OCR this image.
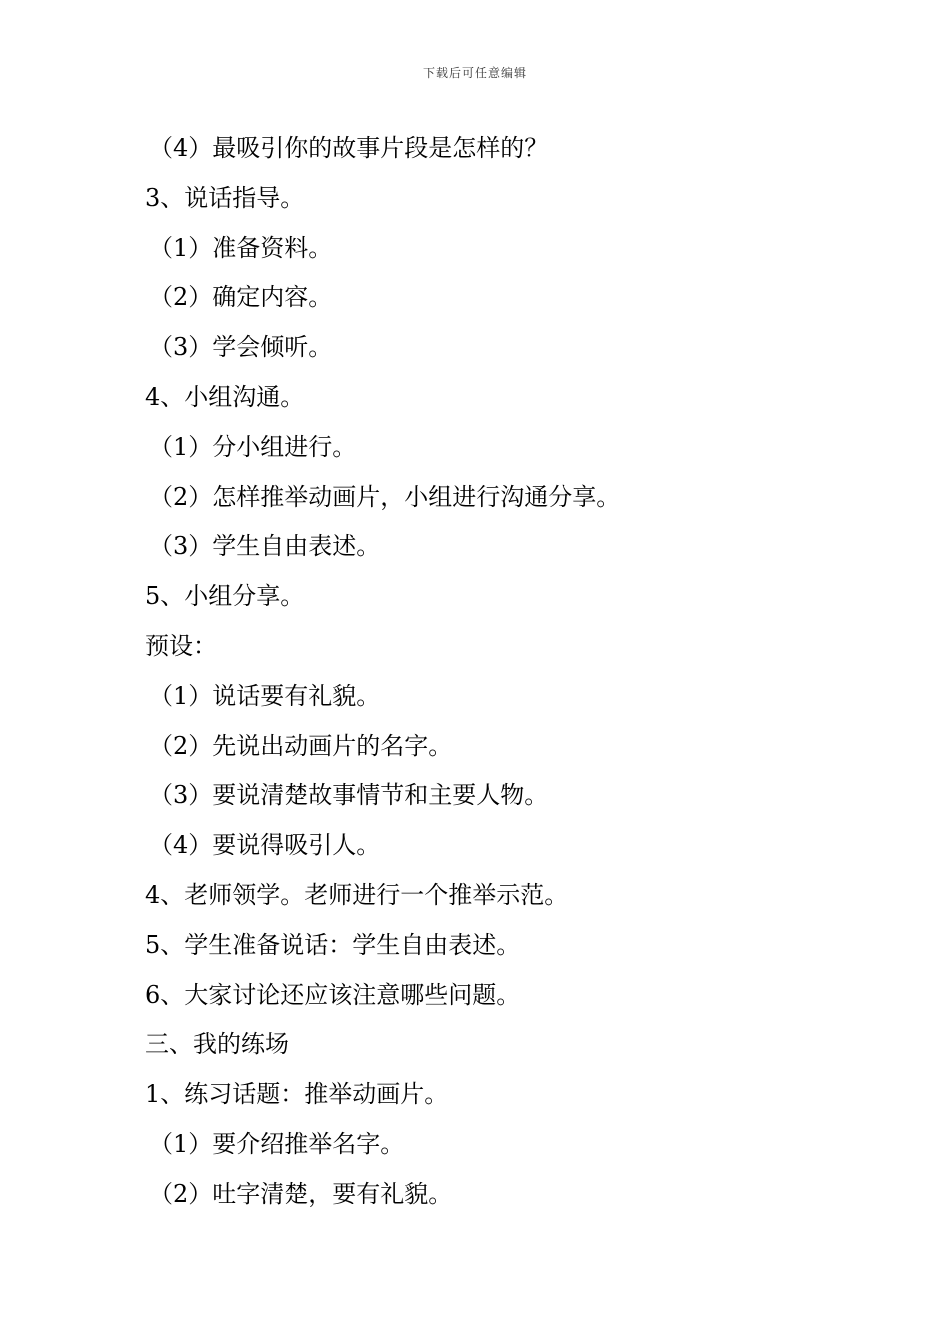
下载后可任意编辑
（4）最吸引你的故事片段是怎样的？
3、说话指导。
（1）准备资料。
（2）确定内容。
（3）学会倾听。
4、小组沟通。
（1）分小组进行。
（2）怎样推举动画片，小组进行沟通分享。
（3）学生自由表述。
5、小组分享。
预设：
（1）说话要有礼貌。
（2）先说出动画片的名字。
（3）要说清楚故事情节和主要人物。
（4）要说得吸引人。
4、老师领学。老师进行一个推举示范。
5、学生准备说话：学生自由表述。
6、大家讨论还应该注意哪些问题。
三、我的练场
1、练习话题：推举动画片。
（1）要介绍推举名字。
（2）吐字清楚，要有礼貌。
